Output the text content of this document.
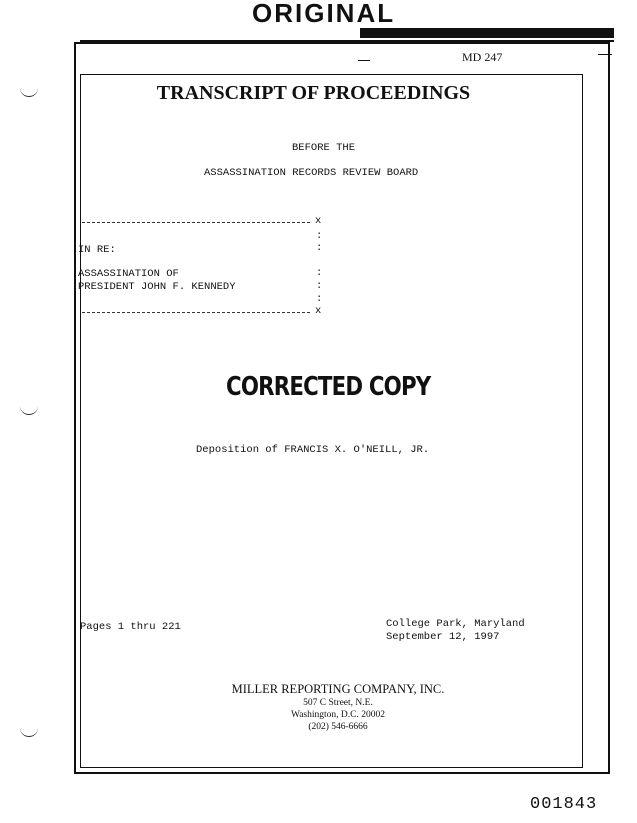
ORIGINAL
MD 247
TRANSCRIPT OF PROCEEDINGS
BEFORE THE
ASSASSINATION RECORDS REVIEW BOARD
x
:
:
:
:
:
IN RE:
ASSASSINATION OF
PRESIDENT JOHN F. KENNEDY
x
CORRECTED COPY
Deposition of FRANCIS X. O'NEILL, JR.
Pages 1 thru 221	College Park, Maryland
September 12, 1997
MILLER REPORTING COMPANY, INC.
507 C Street, N.E.
Washington, D.C. 20002
(202) 546-6666
001843
